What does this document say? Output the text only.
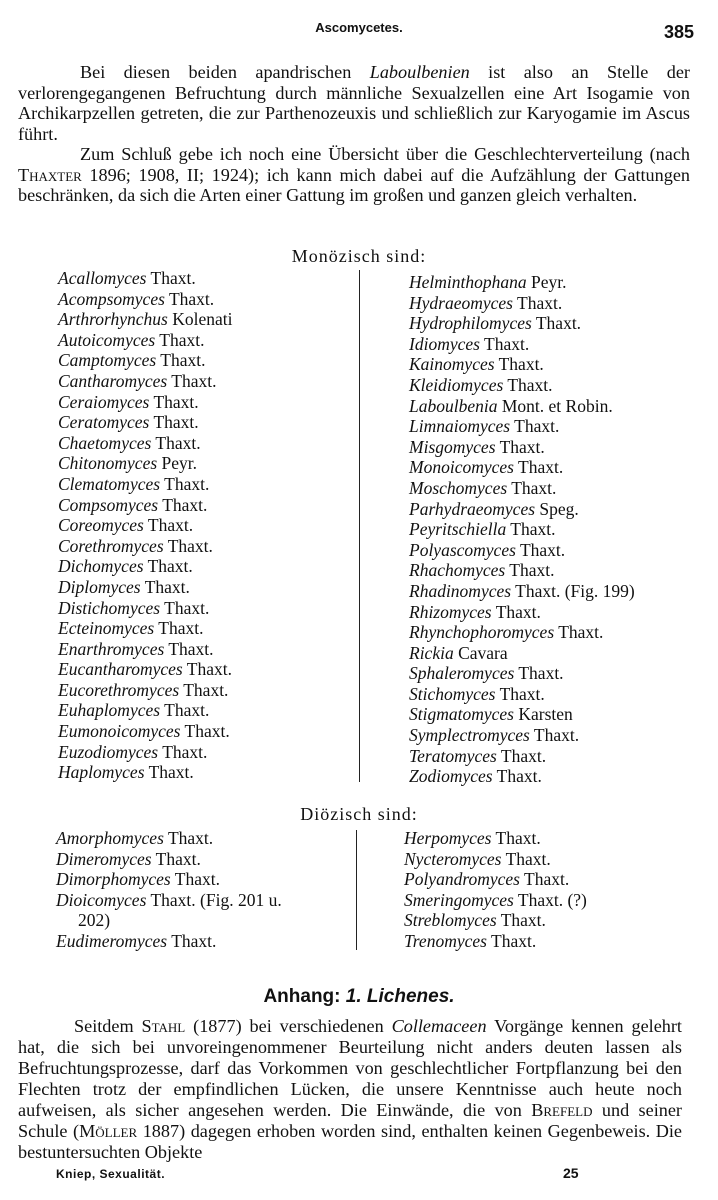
Ascomycetes.	385

Bei diesen beiden apandrischen Laboulbenien ist also an Stelle der verlorengegangenen Befruchtung durch männliche Sexualzellen eine Art Isogamie von Archikarpzellen getreten, die zur Parthenozeuxis und schließlich zur Karyogamie im Ascus führt.

Zum Schluß gebe ich noch eine Übersicht über die Geschlechterverteilung (nach Thaxter 1896; 1908, II; 1924); ich kann mich dabei auf die Aufzählung der Gattungen beschränken, da sich die Arten einer Gattung im großen und ganzen gleich verhalten.

Monözisch sind:
Acallomyces Thaxt.
Acompsomyces Thaxt.
Arthrorhynchus Kolenati
Autoicomyces Thaxt.
Camptomyces Thaxt.
Cantharomyces Thaxt.
Ceraiomyces Thaxt.
Ceratomyces Thaxt.
Chaetomyces Thaxt.
Chitonomyces Peyr.
Clematomyces Thaxt.
Compsomyces Thaxt.
Coreomyces Thaxt.
Corethromyces Thaxt.
Dichomyces Thaxt.
Diplomyces Thaxt.
Distichomyces Thaxt.
Ecteinomyces Thaxt.
Enarthromyces Thaxt.
Eucantharomyces Thaxt.
Eucorethromyces Thaxt.
Euhaplomyces Thaxt.
Eumonoicomyces Thaxt.
Euzodiomyces Thaxt.
Haplomyces Thaxt.
Helminthophana Peyr.
Hydraeomyces Thaxt.
Hydrophilomyces Thaxt.
Idiomyces Thaxt.
Kainomyces Thaxt.
Kleidiomyces Thaxt.
Laboulbenia Mont. et Robin.
Limnaiomyces Thaxt.
Misgomyces Thaxt.
Monoicomyces Thaxt.
Moschomyces Thaxt.
Parhydraeomyces Speg.
Peyritschiella Thaxt.
Polyascomyces Thaxt.
Rhachomyces Thaxt.
Rhadinomyces Thaxt. (Fig. 199)
Rhizomyces Thaxt.
Rhynchophoromyces Thaxt.
Rickia Cavara
Sphaleromyces Thaxt.
Stichomyces Thaxt.
Stigmatomyces Karsten
Symplectromyces Thaxt.
Teratomyces Thaxt.
Zodiomyces Thaxt.
Diözisch sind:
Amorphomyces Thaxt.
Dimeromyces Thaxt.
Dimorphomyces Thaxt.
Dioicomyces Thaxt. (Fig. 201 u.
202)
Eudimeromyces Thaxt.
Herpomyces Thaxt.
Nycteromyces Thaxt.
Polyandromyces Thaxt.
Smeringomyces Thaxt. (?)
Streblomyces Thaxt.
Trenomyces Thaxt.
Anhang: 1. Lichenes.

Seitdem Stahl (1877) bei verschiedenen Collemaceen Vorgänge kennen gelehrt hat, die sich bei unvoreingenommener Beurteilung nicht anders deuten lassen als Befruchtungsprozesse, darf das Vorkommen von geschlechtlicher Fortpflanzung bei den Flechten trotz der empfindlichen Lücken, die unsere Kenntnisse auch heute noch aufweisen, als sicher angesehen werden. Die Einwände, die von Brefeld und seiner Schule (Möller 1887) dagegen erhoben worden sind, enthalten keinen Gegenbeweis. Die bestuntersuchten Objekte

Kniep, Sexualität.	25
